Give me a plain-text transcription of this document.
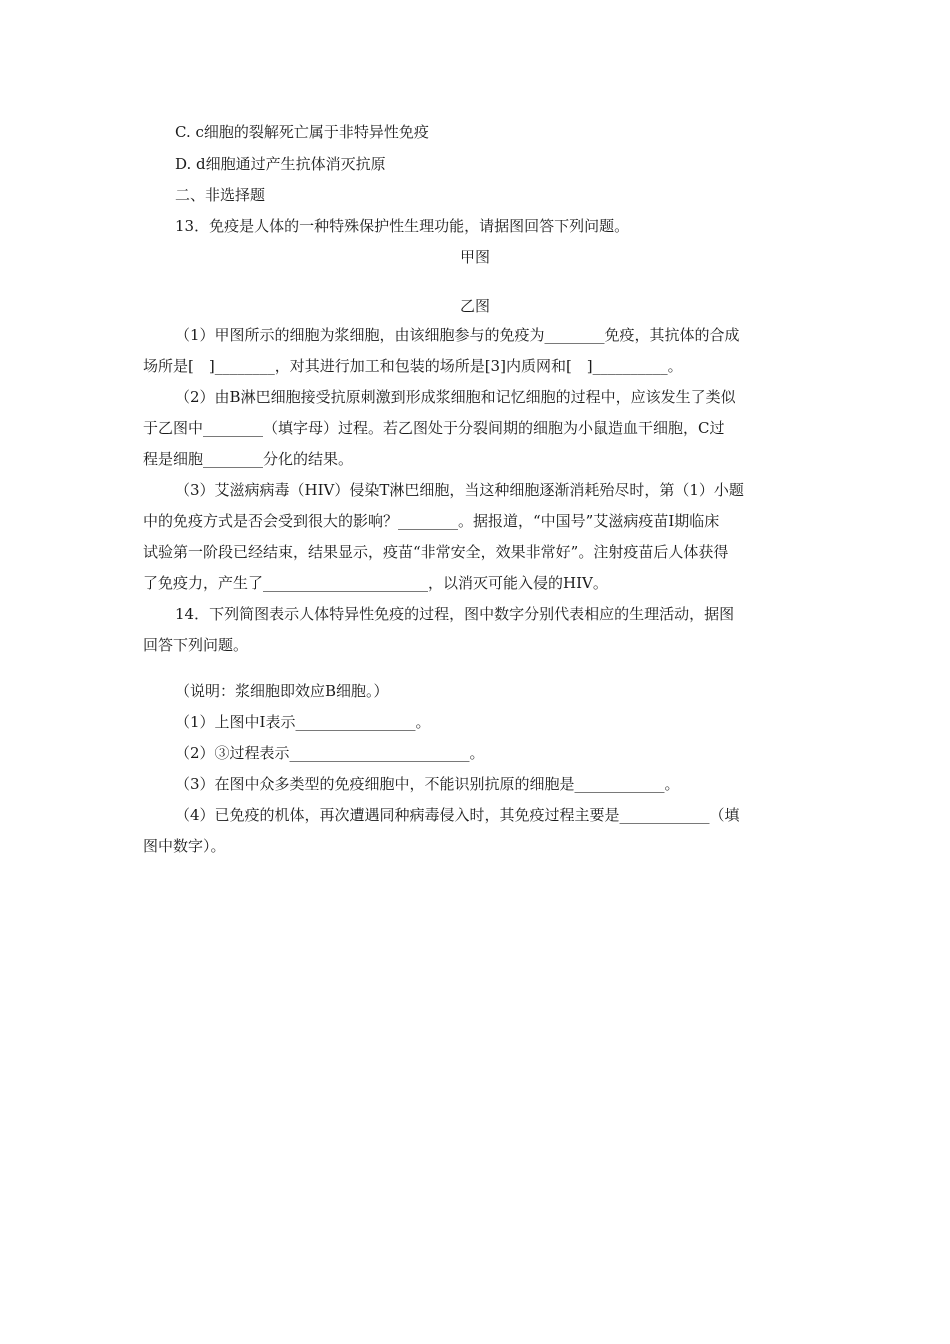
C. c细胞的裂解死亡属于非特异性免疫
D. d细胞通过产生抗体消灭抗原
二、非选择题
13．免疫是人体的一种特殊保护性生理功能，请据图回答下列问题。
甲图
乙图
（1）甲图所示的细胞为浆细胞，由该细胞参与的免疫为________免疫，其抗体的合成
场所是[　]________，对其进行加工和包装的场所是[3]内质网和[　]__________。
（2）由B淋巴细胞接受抗原刺激到形成浆细胞和记忆细胞的过程中，应该发生了类似
于乙图中________（填字母）过程。若乙图处于分裂间期的细胞为小鼠造血干细胞，C过
程是细胞________分化的结果。
（3）艾滋病病毒（HIV）侵染T淋巴细胞，当这种细胞逐渐消耗殆尽时，第（1）小题
中的免疫方式是否会受到很大的影响？________。据报道，“中国号”艾滋病疫苗Ⅰ期临床
试验第一阶段已经结束，结果显示，疫苗“非常安全，效果非常好”。注射疫苗后人体获得
了免疫力，产生了______________________，以消灭可能入侵的HIV。
14．下列简图表示人体特异性免疫的过程，图中数字分别代表相应的生理活动，据图
回答下列问题。
（说明：浆细胞即效应B细胞。）
（1）上图中Ⅰ表示________________。
（2）③过程表示________________________。
（3）在图中众多类型的免疫细胞中，不能识别抗原的细胞是____________。
（4）已免疫的机体，再次遭遇同种病毒侵入时，其免疫过程主要是____________（填
图中数字）。
